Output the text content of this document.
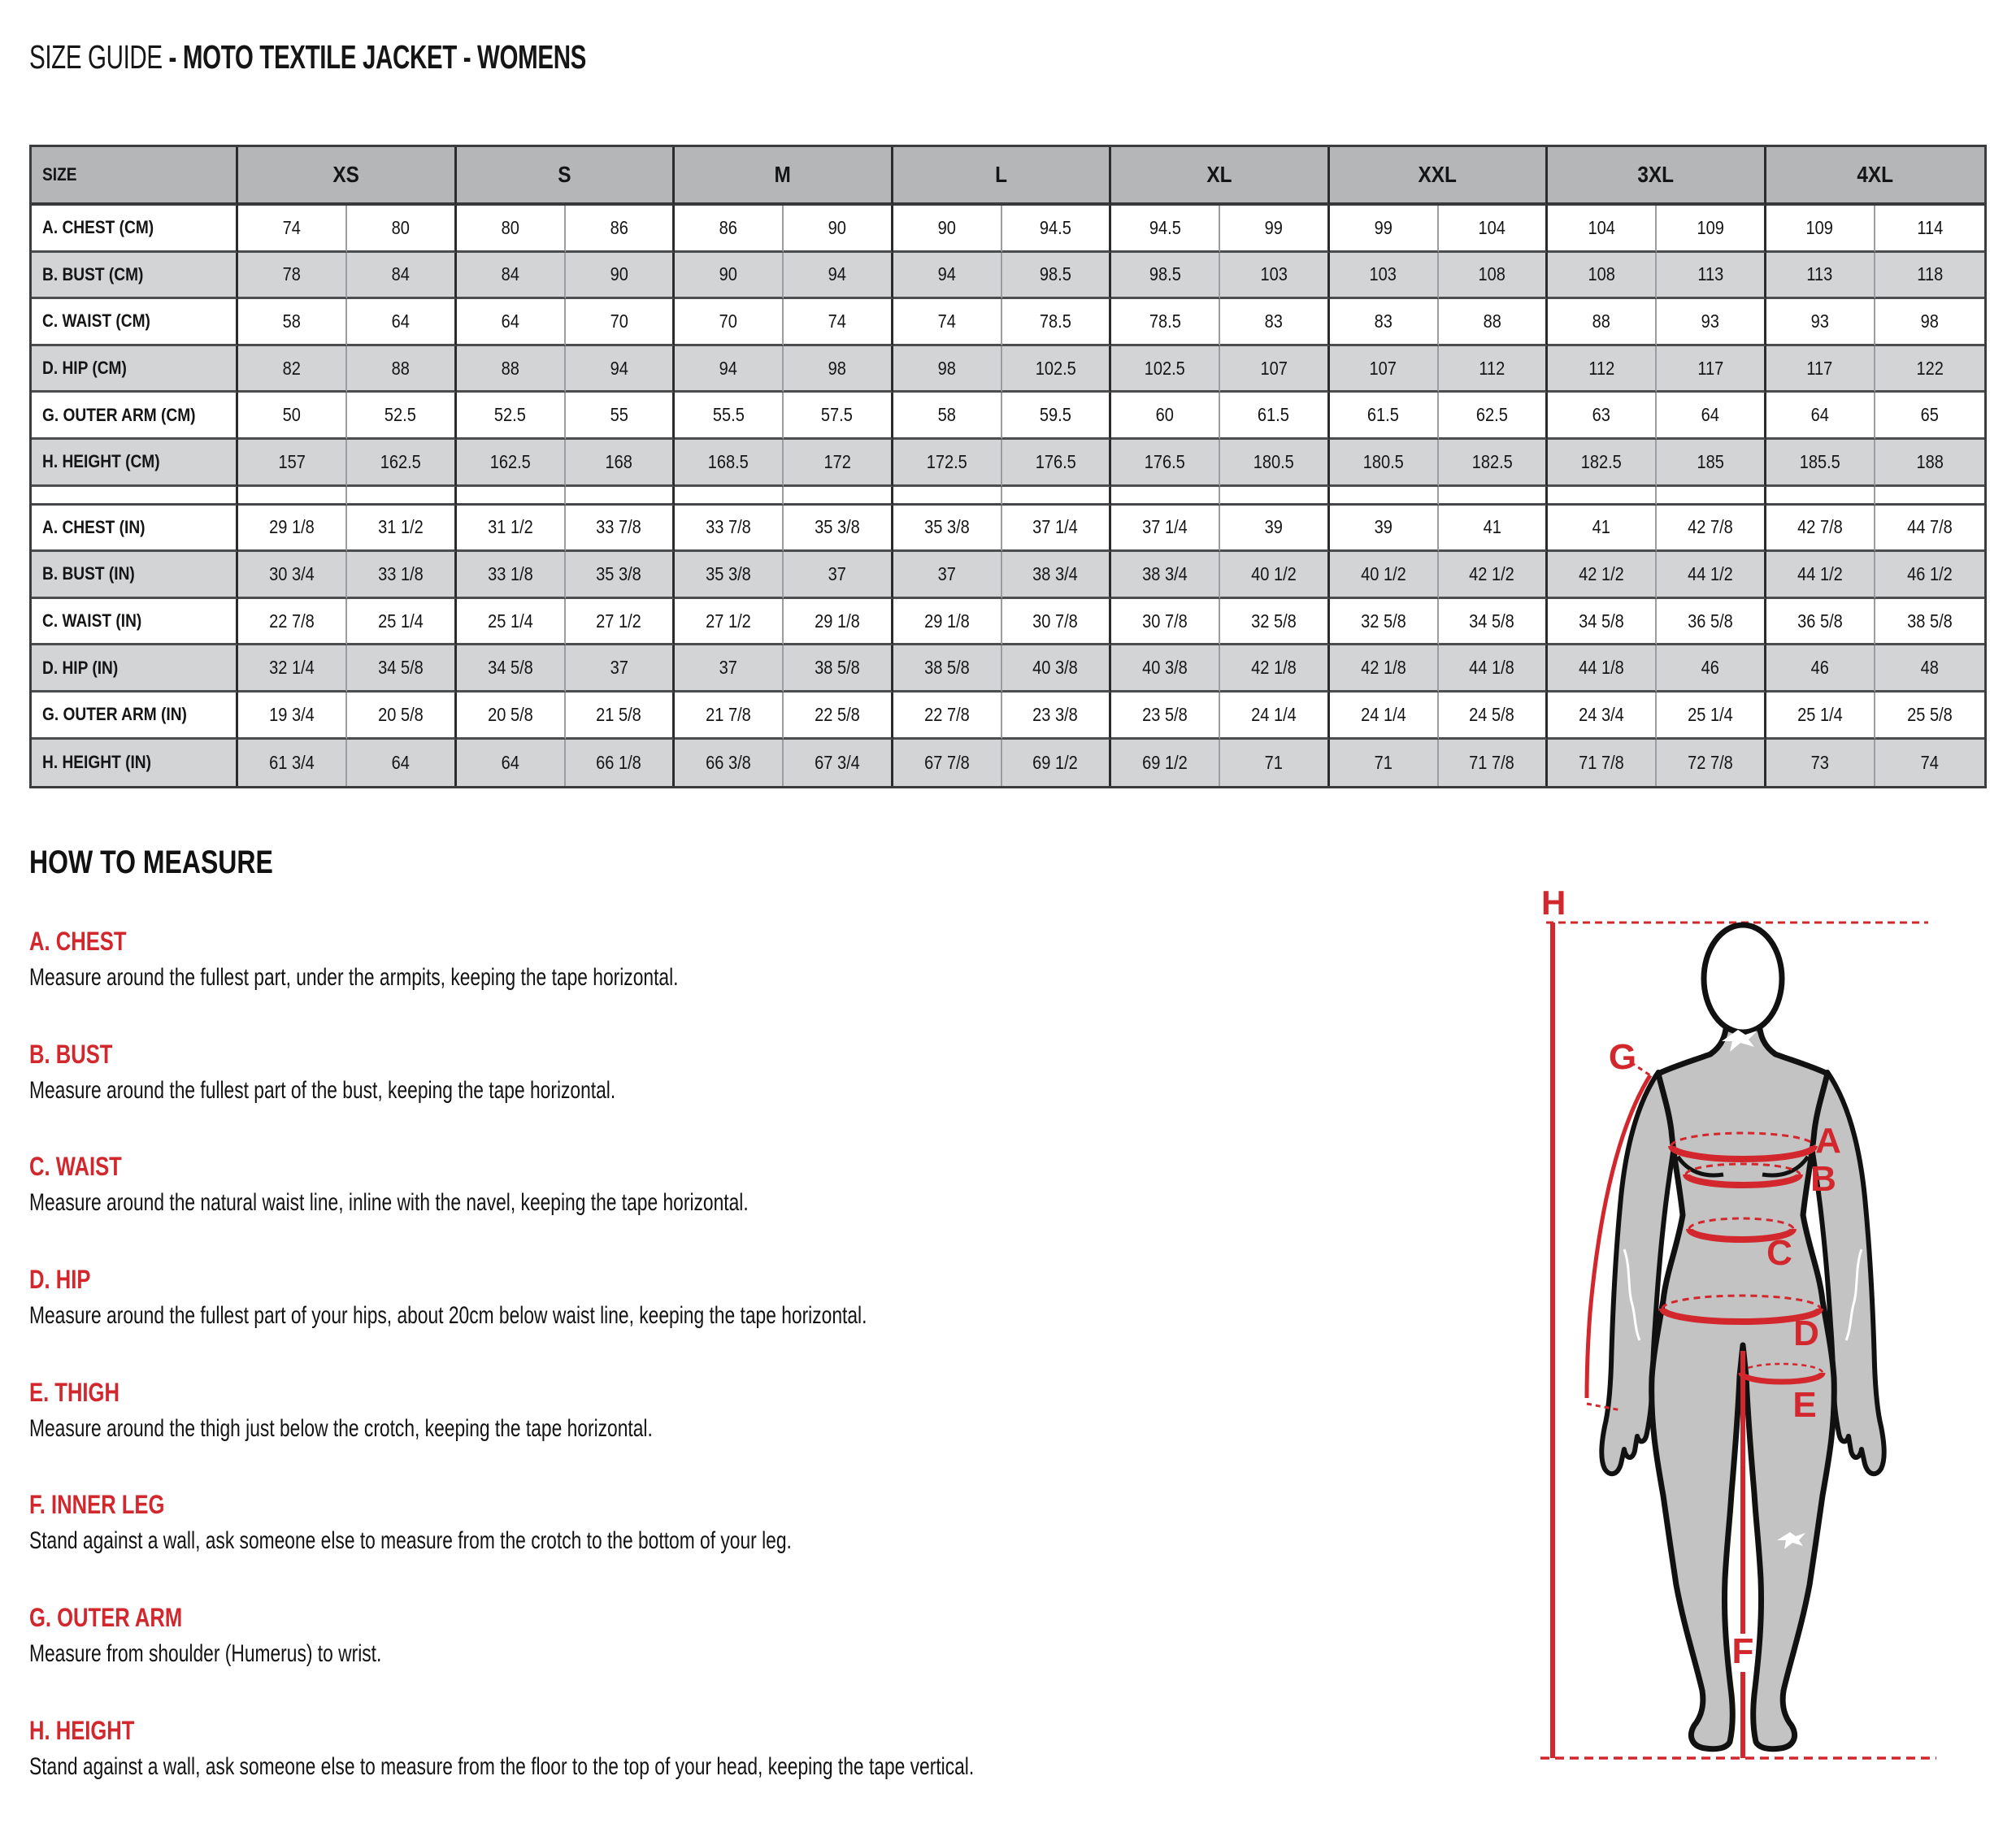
SIZE GUIDE - MOTO TEXTILE JACKET - WOMENS
SIZE	XS	S	M	L	XL	XXL	3XL	4XL
A. CHEST (CM)	74	80	80	86	86	90	90	94.5	94.5	99	99	104	104	109	109	114
B. BUST (CM)	78	84	84	90	90	94	94	98.5	98.5	103	103	108	108	113	113	118
C. WAIST (CM)	58	64	64	70	70	74	74	78.5	78.5	83	83	88	88	93	93	98
D. HIP (CM)	82	88	88	94	94	98	98	102.5	102.5	107	107	112	112	117	117	122
G. OUTER ARM (CM)	50	52.5	52.5	55	55.5	57.5	58	59.5	60	61.5	61.5	62.5	63	64	64	65
H. HEIGHT (CM)	157	162.5	162.5	168	168.5	172	172.5	176.5	176.5	180.5	180.5	182.5	182.5	185	185.5	188
A. CHEST (IN)	29 1/8	31 1/2	31 1/2	33 7/8	33 7/8	35 3/8	35 3/8	37 1/4	37 1/4	39	39	41	41	42 7/8	42 7/8	44 7/8
B. BUST (IN)	30 3/4	33 1/8	33 1/8	35 3/8	35 3/8	37	37	38 3/4	38 3/4	40 1/2	40 1/2	42 1/2	42 1/2	44 1/2	44 1/2	46 1/2
C. WAIST (IN)	22 7/8	25 1/4	25 1/4	27 1/2	27 1/2	29 1/8	29 1/8	30 7/8	30 7/8	32 5/8	32 5/8	34 5/8	34 5/8	36 5/8	36 5/8	38 5/8
D. HIP (IN)	32 1/4	34 5/8	34 5/8	37	37	38 5/8	38 5/8	40 3/8	40 3/8	42 1/8	42 1/8	44 1/8	44 1/8	46	46	48
G. OUTER ARM (IN)	19 3/4	20 5/8	20 5/8	21 5/8	21 7/8	22 5/8	22 7/8	23 3/8	23 5/8	24 1/4	24 1/4	24 5/8	24 3/4	25 1/4	25 1/4	25 5/8
H. HEIGHT (IN)	61 3/4	64	64	66 1/8	66 3/8	67 3/4	67 7/8	69 1/2	69 1/2	71	71	71 7/8	71 7/8	72 7/8	73	74
HOW TO MEASURE
A. CHEST

Measure around the fullest part, under the armpits, keeping the tape horizontal.

B. BUST

Measure around the fullest part of the bust, keeping the tape horizontal.

C. WAIST

Measure around the natural waist line, inline with the navel, keeping the tape horizontal.

D. HIP

Measure around the fullest part of your hips, about 20cm below waist line, keeping the tape horizontal.

E. THIGH

Measure around the thigh just below the crotch, keeping the tape horizontal.

F. INNER LEG

Stand against a wall, ask someone else to measure from the crotch to the bottom of your leg.

G. OUTER ARM

Measure from shoulder (Humerus) to wrist.

H. HEIGHT

Stand against a wall, ask someone else to measure from the floor to the top of your head, keeping the tape vertical.

H
G
A
B
C
D
E
F
